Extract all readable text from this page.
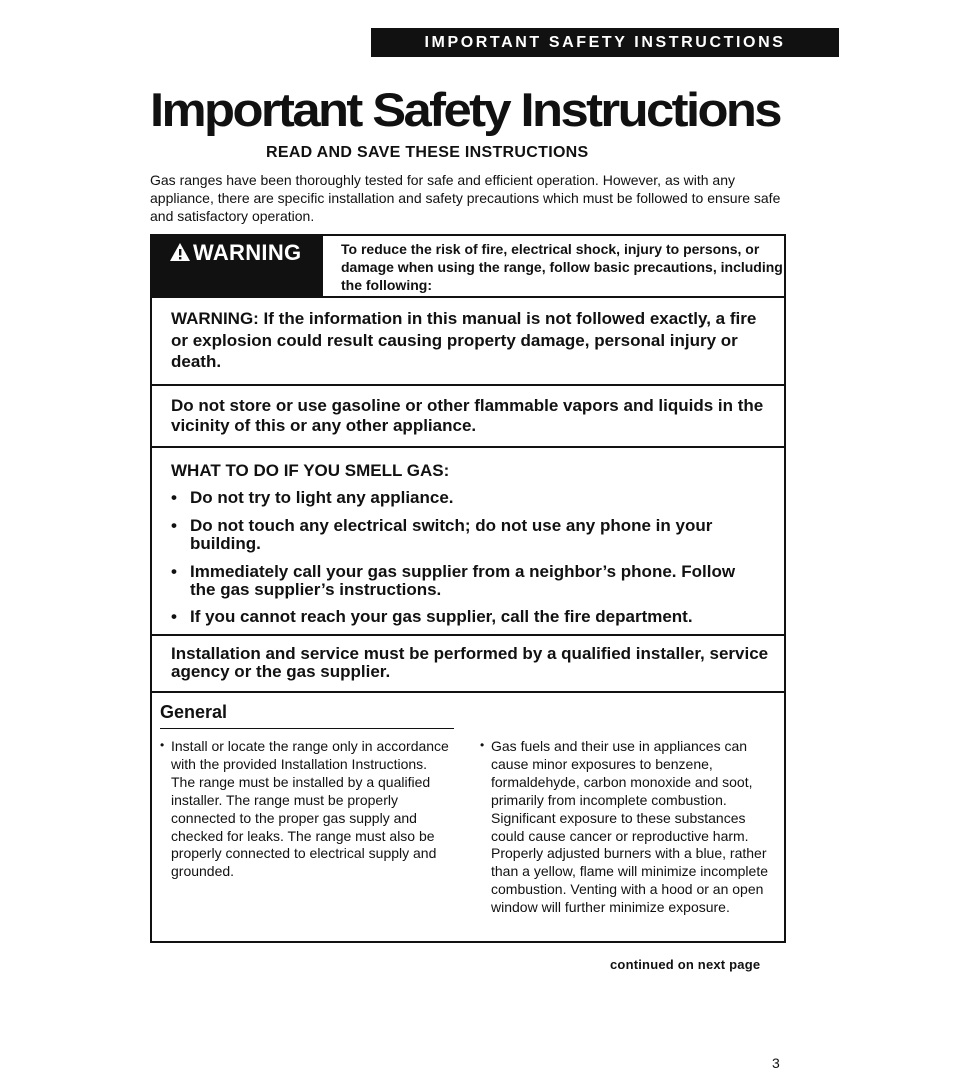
IMPORTANT SAFETY INSTRUCTIONS
Important Safety Instructions
READ AND SAVE THESE INSTRUCTIONS

Gas ranges have been thoroughly tested for safe and efficient operation. However, as with any appliance, there are specific installation and safety precautions which must be followed to ensure safe and satisfactory operation.

WARNING	To reduce the risk of fire, electrical shock, injury to persons, or damage when using the range, follow basic precautions, including the following:

WARNING: If the information in this manual is not followed exactly, a fire or explosion could result causing property damage, personal injury or death.

Do not store or use gasoline or other flammable vapors and liquids in the vicinity of this or any other appliance.

WHAT TO DO IF YOU SMELL GAS:
• Do not try to light any appliance.
• Do not touch any electrical switch; do not use any phone in your building.
• Immediately call your gas supplier from a neighbor’s phone. Follow the gas supplier’s instructions.
• If you cannot reach your gas supplier, call the fire department.

Installation and service must be performed by a qualified installer, service agency or the gas supplier.

General
• Install or locate the range only in accordance with the provided Installation Instructions. The range must be installed by a qualified installer. The range must be properly connected to the proper gas supply and checked for leaks. The range must also be properly connected to electrical supply and grounded.

• Gas fuels and their use in appliances can cause minor exposures to benzene, formaldehyde, carbon monoxide and soot, primarily from incomplete combustion. Significant exposure to these substances could cause cancer or reproductive harm. Properly adjusted burners with a blue, rather than a yellow, flame will minimize incomplete combustion. Venting with a hood or an open window will further minimize exposure.

continued on next page
3
